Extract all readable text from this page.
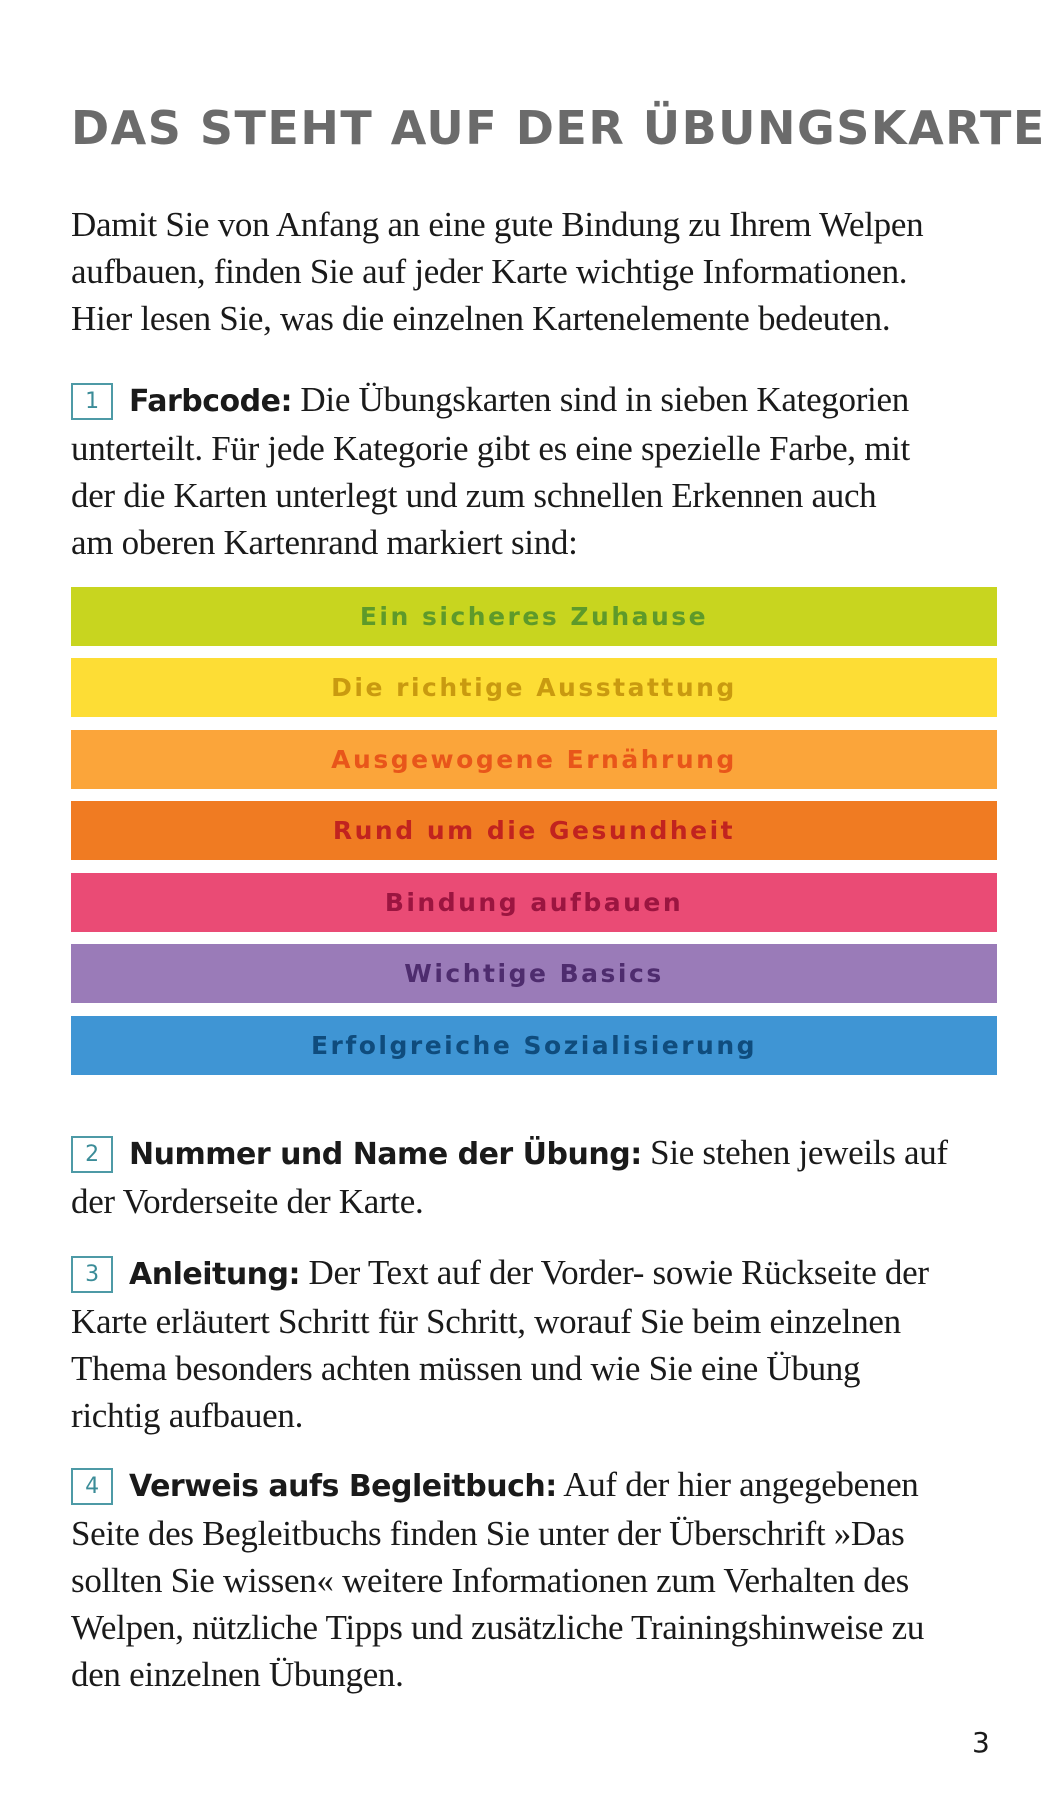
DAS STEHT AUF DER ÜBUNGSKARTE
Damit Sie von Anfang an eine gute Bindung zu Ihrem Welpen
aufbauen, finden Sie auf jeder Karte wichtige Informationen.
Hier lesen Sie, was die einzelnen Kartenelemente bedeuten.
1 Farbcode: Die Übungskarten sind in sieben Kategorien
unterteilt. Für jede Kategorie gibt es eine spezielle Farbe, mit
der die Karten unterlegt und zum schnellen Erkennen auch
am oberen Kartenrand markiert sind:
Ein sicheres Zuhause
Die richtige Ausstattung
Ausgewogene Ernährung
Rund um die Gesundheit
Bindung aufbauen
Wichtige Basics
Erfolgreiche Sozialisierung
2 Nummer und Name der Übung: Sie stehen jeweils auf
der Vorderseite der Karte.
3 Anleitung: Der Text auf der Vorder- sowie Rückseite der
Karte erläutert Schritt für Schritt, worauf Sie beim einzelnen
Thema besonders achten müssen und wie Sie eine Übung
richtig aufbauen.
4 Verweis aufs Begleitbuch: Auf der hier angegebenen
Seite des Begleitbuchs finden Sie unter der Überschrift »Das
sollten Sie wissen« weitere Informationen zum Verhalten des
Welpen, nützliche Tipps und zusätzliche Trainingshinweise zu
den einzelnen Übungen.
3
